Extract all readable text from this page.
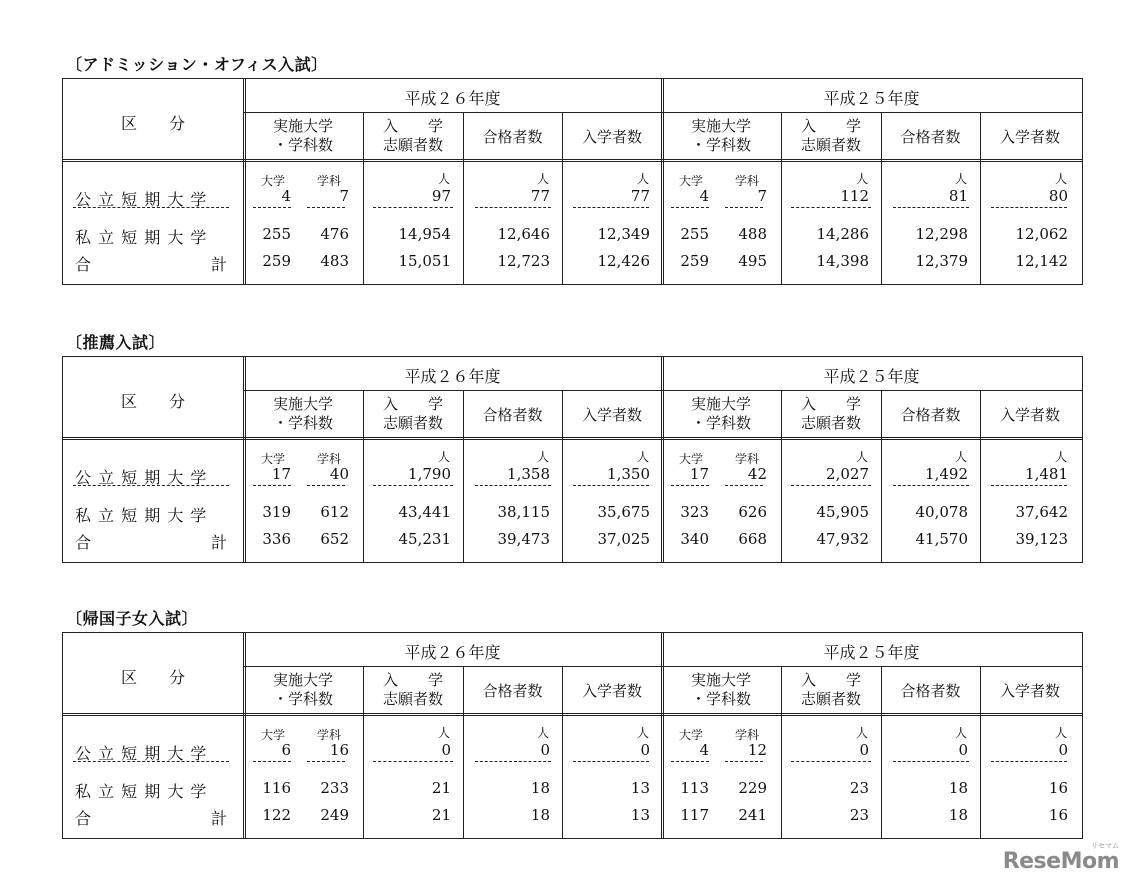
〔アドミッション・オフィス入試〕
区　　分
平成２６年度	平成２５年度
実施大学
・学科数
入　　学
志願者数	合格者数	入学者数
大学	学科	人	人	人
実施大学
・学科数
入　　学
志願者数	合格者数	入学者数
大学	学科	人	人	人
公 立 短 期 大 学	4	7	97	77	77	4	7	112	81	80
私 立 短 期 大 学	255	476	14,954	12,646	12,349	255	488	14,286	12,298	12,062
合　　　　　　　計	259	483	15,051	12,723	12,426	259	495	14,398	12,379	12,142
〔推薦入試〕
区　　分
平成２６年度	平成２５年度
実施大学
・学科数
入　　学
志願者数	合格者数	入学者数
大学	学科	人	人	人
実施大学
・学科数
入　　学
志願者数	合格者数	入学者数
大学	学科	人	人	人
公 立 短 期 大 学	17	40	1,790	1,358	1,350	17	42	2,027	1,492	1,481
私 立 短 期 大 学	319	612	43,441	38,115	35,675	323	626	45,905	40,078	37,642
合　　　　　　　計	336	652	45,231	39,473	37,025	340	668	47,932	41,570	39,123
〔帰国子女入試〕
区　　分
平成２６年度	平成２５年度
実施大学
・学科数
入　　学
志願者数	合格者数	入学者数
大学	学科	人	人	人
実施大学
・学科数
入　　学
志願者数	合格者数	入学者数
大学	学科	人	人	人
公 立 短 期 大 学	6	16	0	0	0	4	12	0	0	0
私 立 短 期 大 学	116	233	21	18	13	113	229	23	18	16
合　　　　　　　計	122	249	21	18	13	117	241	23	18	16
リセマム
ReseMom
